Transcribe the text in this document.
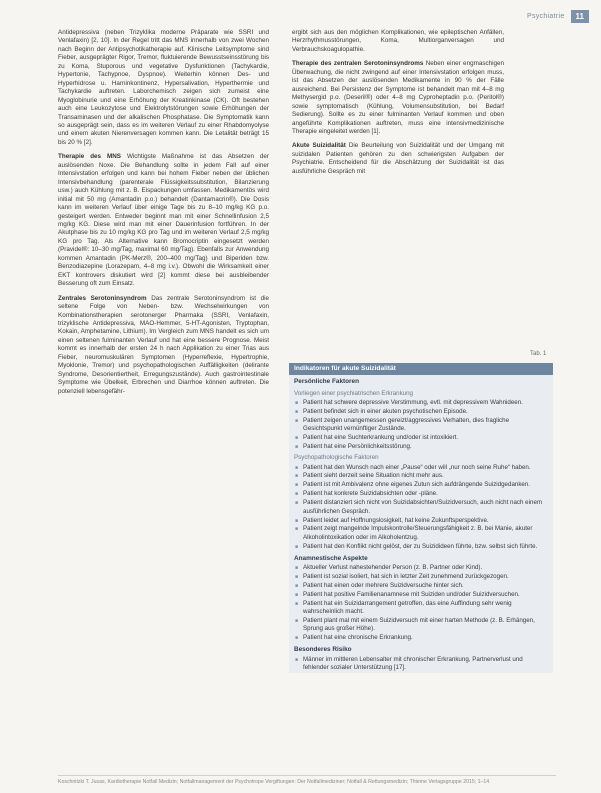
Psychiatrie	11

Antidepressiva (neben Trizyklika moderne Präparate wie SSRI und Venlafaxin) [2, 10]. In der Regel tritt das MNS innerhalb von zwei Wochen nach Beginn der Antipsychotikatherapie auf. Klinische Leitsymptome sind Fieber, ausgeprägter Rigor, Tremor, fluktuierende Bewusstseinsstörung bis zu Koma, Stuporous und vegetative Dysfunktionen (Tachykardie, Hypertonie, Tachypnoe, Dyspnoe). Weiterhin können Des- und Hyperhidrose u. Harninkontinenz, Hypersalivation, Hyperthermie und Tachykardie auftreten. Laborchemisch zeigen sich zumeist eine Myoglobinurie und eine Erhöhung der Kreatinkinase (CK). Oft bestehen auch eine Leukozytose und Elektrolytstörungen sowie Erhöhungen der Transaminasen und der alkalischen Phosphatase. Die Symptomatik kann so ausgeprägt sein, dass es im weiteren Verlauf zu einer Rhabdomyolyse und einem akuten Nierenversagen kommen kann. Die Letalität beträgt 15 bis 20 % [2].

Therapie des MNS Wichtigste Maßnahme ist das Absetzen der auslösenden Noxe. Die Behandlung sollte in jedem Fall auf einer Intensivstation erfolgen und kann bei hohem Fieber neben der üblichen Intensivbehandlung (parenterale Flüssigkeitssubstitution, Bilanzierung usw.) auch Kühlung mit z. B. Eispackungen umfassen. Medikamentös wird initial mit 50 mg (Amantadin p.o.) behandelt (Dantamacrin®). Die Dosis kann im weiteren Verlauf über einige Tage bis zu 8–10 mg/kg KG p.o. gesteigert werden. Entweder beginnt man mit einer Schnellinfusion 2,5 mg/kg KG. Diese wird man mit einer Dauerinfusion fortführen. In der Akutphase bis zu 10 mg/kg KG pro Tag und im weiteren Verlauf 2,5 mg/kg KG pro Tag. Als Alternative kann Bromocriptin eingesetzt werden (Pravidel®: 10–30 mg/Tag, maximal 60 mg/Tag). Ebenfalls zur Anwendung kommen Amantadin (PK-Merz®, 200–400 mg/Tag) und Biperiden bzw. Benzodiazepine (Lorazepam, 4–8 mg i.v.). Obwohl die Wirksamkeit einer EKT kontrovers diskutiert wird [2] kommt diese bei ausbleibender Besserung oft zum Einsatz.

Zentrales Serotoninsyndrom Das zentrale Serotoninsyndrom ist die seltene Folge von Neben- bzw. Wechselwirkungen von Kombinationstherapien serotonerger Pharmaka (SSRI, Venlafaxin, trizyklische Antidepressiva, MAO-Hemmer, 5-HT-Agonisten, Tryptophan, Kokain, Amphetamine, Lithium). Im Vergleich zum MNS handelt es sich um einen seltenen fulminanten Verlauf und hat eine bessere Prognose. Meist kommt es innerhalb der ersten 24 h nach Applikation zu einer Trias aus Fieber, neuromuskulären Symptomen (Hyperreflexie, Hypertrophie, Myoklonie, Tremor) und psychopathologischen Auffälligkeiten (delirante Syndrome, Desorientiertheit, Erregungszustände). Auch gastrointestinale Symptome wie Übelkeit, Erbrechen und Diarrhoe können auftreten. Die potenziell lebensgefähr-

ergibt sich aus den möglichen Komplikationen, wie epileptischen Anfällen, Herzrhythmusstörungen, Koma, Multiorganversagen und Verbrauchskoagulopathie.

Therapie des zentralen Serotoninsyndroms Neben einer engmaschigen Überwachung, die nicht zwingend auf einer Intensivstation erfolgen muss, ist das Absetzen der auslösenden Medikamente in 90 % der Fälle ausreichend. Bei Persistenz der Symptome ist behandelt man mit 4–8 mg Methysergid p.o. (Deseril®) oder 4–8 mg Cyproheptadin p.o. (Peritol®) sowie symptomatisch (Kühlung, Volumensubstitution, bei Bedarf Sedierung). Sollte es zu einer fulminanten Verlauf kommen und oben angeführte Komplikationen auftreten, muss eine intensivmedizinische Therapie eingeleitet werden [1].

Akute Suizidalität Die Beurteilung von Suizidalität und der Umgang mit suizidalen Patienten gehören zu den schwierigsten Aufgaben der Psychiatrie. Entscheidend für die Abschätzung der Suizidalität ist das ausführliche Gespräch mit

Tab. 1
Indikatoren für akute Suizidalität
Persönliche Faktoren
Vorliegen einer psychiatrischen Erkrankung
■ Patient hat schwere depressive Verstimmung, evtl. mit depressivem Wahnideen.
■ Patient befindet sich in einer akuten psychotischen Episode.
■ Patient zeigen unangemessen gereizt/aggressives Verhalten, dies fragliche Gesichtspunkt vernünftiger Zustände.
■ Patient hat eine Suchterkrankung und/oder ist intoxikiert.
■ Patient hat eine Persönlichkeitsstörung.
Psychopathologische Faktoren
■ Patient hat den Wunsch nach einer „Pause“ oder will „nur noch seine Ruhe“ haben.
■ Patient sieht derzeit seine Situation nicht mehr aus.
■ Patient ist mit Ambivalenz ohne eigenes Zutun sich aufdrängende Suizidgedanken.
■ Patient hat konkrete Suizidabsichten oder -pläne.
■ Patient distanziert sich nicht von Suizidabsichten/Suizidversuch, auch nicht nach einem ausführlichen Gespräch.
■ Patient leidet auf Hoffnungslosigkeit, hat keine Zukunftsperspektive.
■ Patient zeigt mangelnde Impulskontrolle/Steuerungsfähigkeit z. B. bei Manie, akuter Alkoholintoxikation oder im Alkoholentzug.
■ Patient hat den Konflikt nicht gelöst, der zu Suizidideen führte, bzw. selbst sich führte.
Anamnestische Aspekte
■ Aktueller Verlust nahestehender Person (z. B. Partner oder Kind).
■ Patient ist sozial isoliert, hat sich in letzter Zeit zunehmend zurückgezogen.
■ Patient hat einen oder mehrere Suizidversuche hinter sich.
■ Patient hat positive Familienanamnese mit Suiziden und/oder Suizidversuchen.
■ Patient hat ein Suizidarrangement getroffen, das eine Auffindung sehr wenig wahrscheinlich macht.
■ Patient plant mal mit einem Suizidversuch mit einer harten Methode (z. B. Erhängen, Sprung aus großer Höhe).
■ Patient hat eine chronische Erkrankung.
Besonderes Risiko
■ Männer im mittleren Lebensalter mit chronischer Erkrankung, Partnerverlust und fehlender sozialer Unterstützung [17].
Koschnitzki T. Jusas, Kardiotherapie Notfall Medizin; Notfallmanagement der Psychotrope Vergiftungen: Der Notfallmediziner; Notfall & Rettungsmedizin; Thieme Verlagsgruppe 2015; 1–14
